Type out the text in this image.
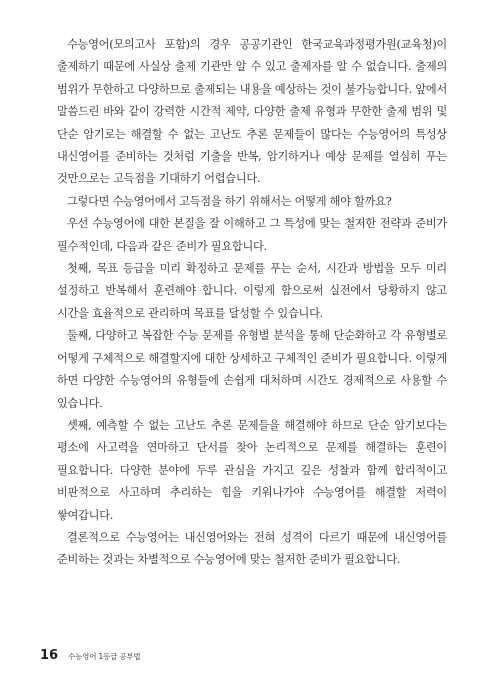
수능영어(모의고사 포함)의 경우 공공기관인 한국교육과정평가원(교육청)이 출제하기 때문에 사실상 출제 기관만 알 수 있고 출제자를 알 수 없습니다. 출제의 범위가 무한하고 다양하므로 출제되는 내용을 예상하는 것이 불가능합니다. 앞에서 말씀드린 바와 같이 강력한 시간적 제약, 다양한 출제 유형과 무한한 출제 범위 및 단순 암기로는 해결할 수 없는 고난도 추론 문제들이 많다는 수능영어의 특성상 내신영어를 준비하는 것처럼 기출을 반복, 암기하거나 예상 문제를 열심히 푸는 것만으로는 고득점을 기대하기 어렵습니다.

그렇다면 수능영어에서 고득점을 하기 위해서는 어떻게 해야 할까요?

우선 수능영어에 대한 본질을 잘 이해하고 그 특성에 맞는 철저한 전략과 준비가 필수적인데, 다음과 같은 준비가 필요합니다.

첫째, 목표 등급을 미리 확정하고 문제를 푸는 순서, 시간과 방법을 모두 미리 설정하고 반복해서 훈련해야 합니다. 이렇게 함으로써 실전에서 당황하지 않고 시간을 효율적으로 관리하며 목표를 달성할 수 있습니다.

둘째, 다양하고 복잡한 수능 문제를 유형별 분석을 통해 단순화하고 각 유형별로 어떻게 구체적으로 해결할지에 대한 상세하고 구체적인 준비가 필요합니다. 이렇게 하면 다양한 수능영어의 유형들에 손쉽게 대처하며 시간도 경제적으로 사용할 수 있습니다.

셋째, 예측할 수 없는 고난도 추론 문제들을 해결해야 하므로 단순 암기보다는 평소에 사고력을 연마하고 단서를 찾아 논리적으로 문제를 해결하는 훈련이 필요합니다. 다양한 분야에 두루 관심을 가지고 깊은 성찰과 함께 합리적이고 비판적으로 사고하며 추리하는 힘을 키워나가야 수능영어를 해결할 저력이 쌓여갑니다.

결론적으로 수능영어는 내신영어와는 전혀 성격이 다르기 때문에 내신영어를 준비하는 것과는 차별적으로 수능영어에 맞는 철저한 준비가 필요합니다.

16 수능영어 1등급 공부법
